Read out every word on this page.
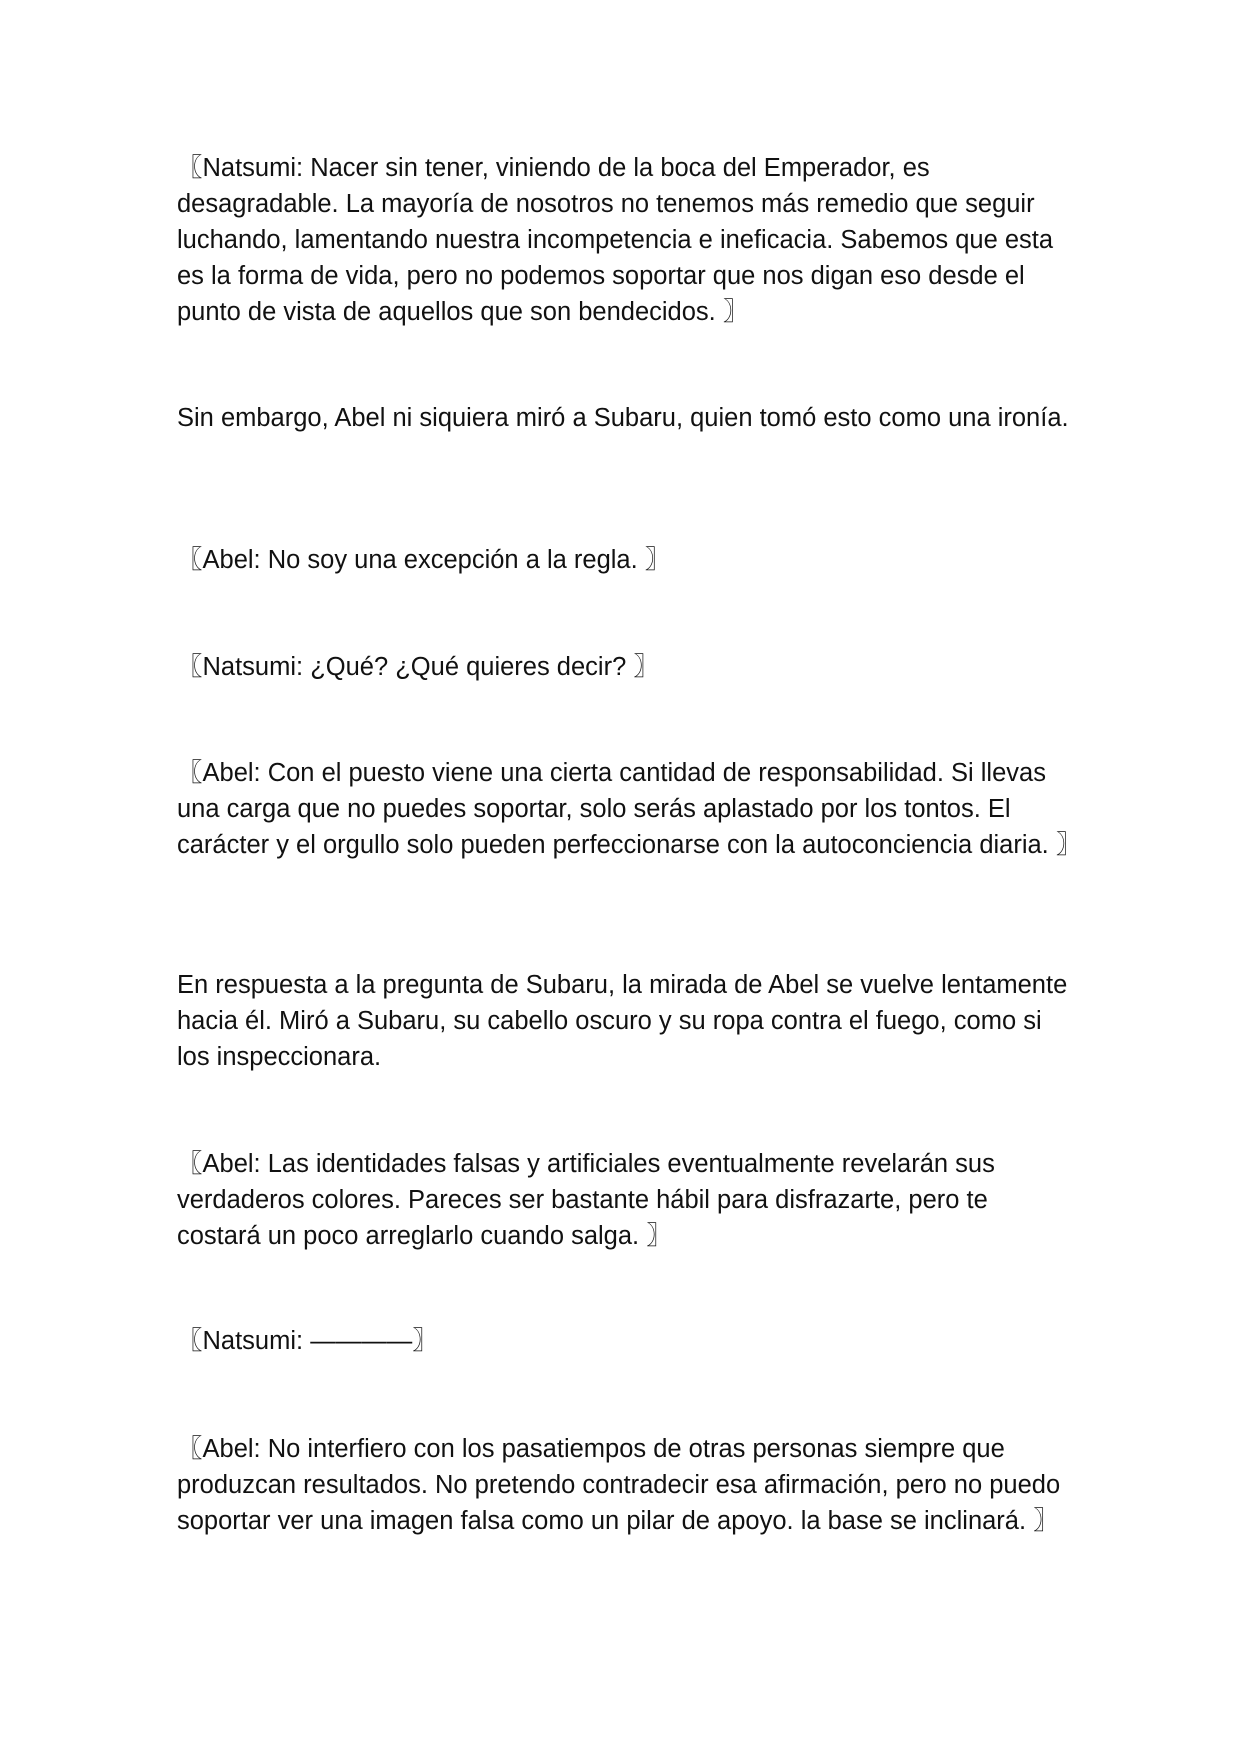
〖Natsumi: Nacer sin tener, viniendo de la boca del Emperador, es desagradable. La mayoría de nosotros no tenemos más remedio que seguir luchando, lamentando nuestra incompetencia e ineficacia. Sabemos que esta es la forma de vida, pero no podemos soportar que nos digan eso desde el punto de vista de aquellos que son bendecidos. 〗

Sin embargo, Abel ni siquiera miró a Subaru, quien tomó esto como una ironía.

〖Abel: No soy una excepción a la regla. 〗

〖Natsumi: ¿Qué? ¿Qué quieres decir? 〗

〖Abel: Con el puesto viene una cierta cantidad de responsabilidad. Si llevas una carga que no puedes soportar, solo serás aplastado por los tontos. El carácter y el orgullo solo pueden perfeccionarse con la autoconciencia diaria. 〗

En respuesta a la pregunta de Subaru, la mirada de Abel se vuelve lentamente hacia él. Miró a Subaru, su cabello oscuro y su ropa contra el fuego, como si los inspeccionara.

〖Abel: Las identidades falsas y artificiales eventualmente revelarán sus verdaderos colores. Pareces ser bastante hábil para disfrazarte, pero te costará un poco arreglarlo cuando salga. 〗

〖Natsumi: ————〗

〖Abel: No interfiero con los pasatiempos de otras personas siempre que produzcan resultados. No pretendo contradecir esa afirmación, pero no puedo soportar ver una imagen falsa como un pilar de apoyo. la base se inclinará. 〗
